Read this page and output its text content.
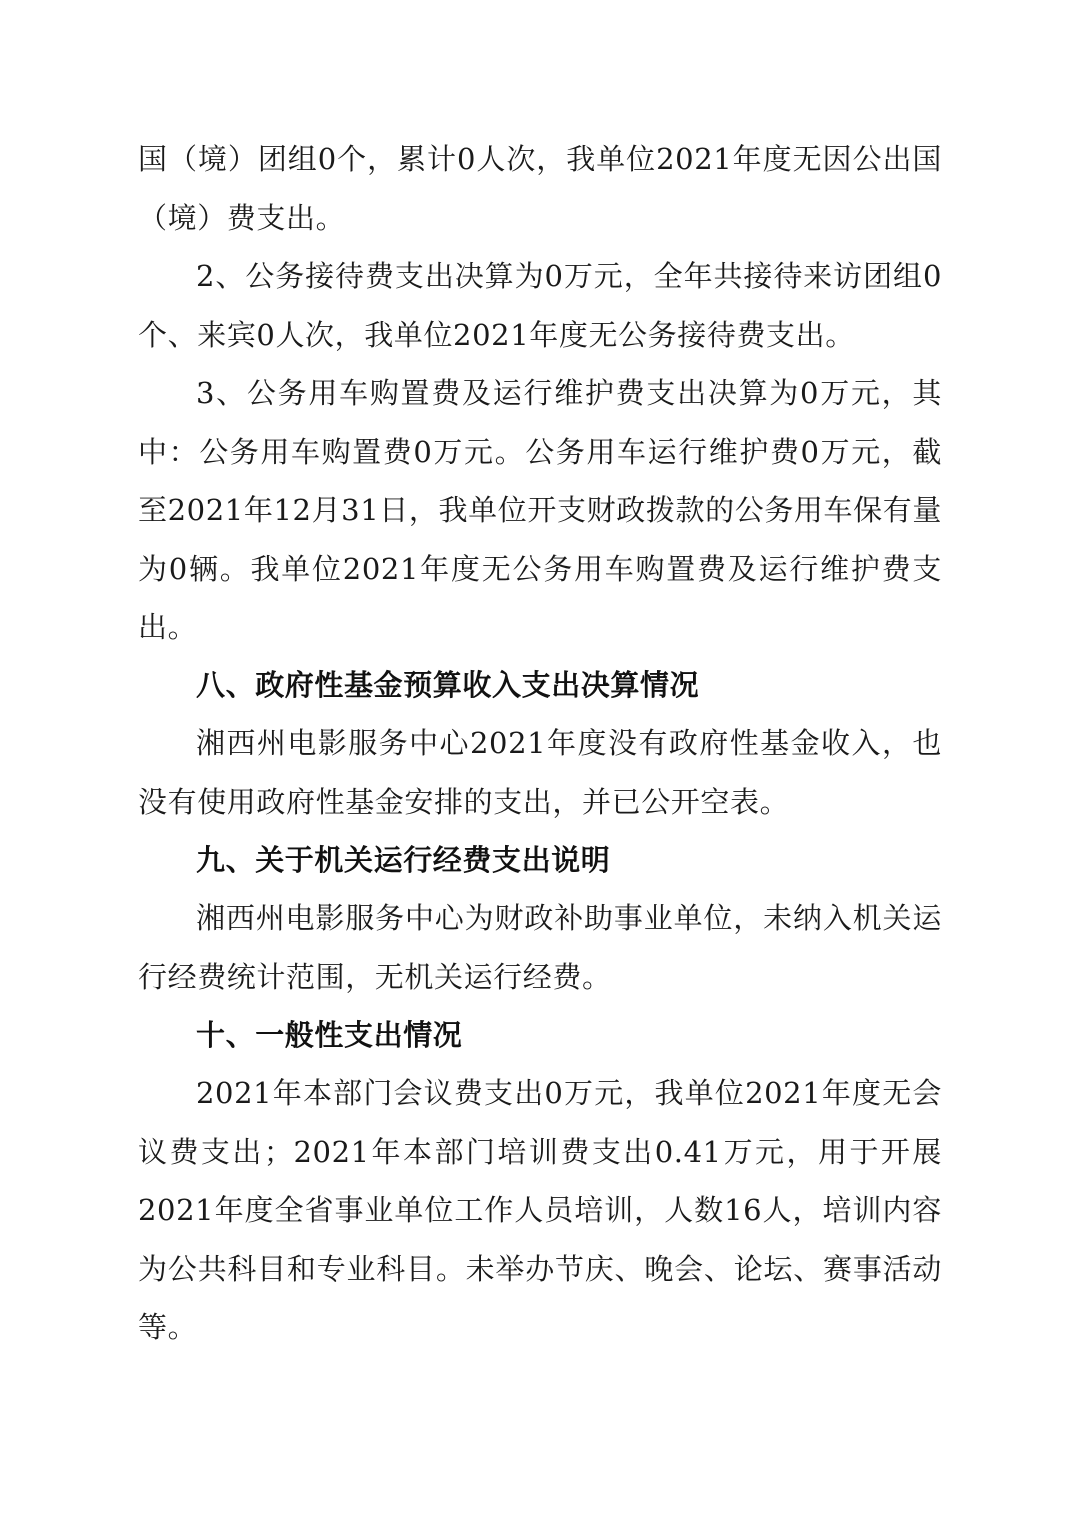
国（境）团组0个，累计0人次，我单位2021年度无因公出国（境）费支出。

2、公务接待费支出决算为0万元，全年共接待来访团组0个、来宾0人次，我单位2021年度无公务接待费支出。

3、公务用车购置费及运行维护费支出决算为0万元，其中：公务用车购置费0万元。公务用车运行维护费0万元，截至2021年12月31日，我单位开支财政拨款的公务用车保有量为0辆。我单位2021年度无公务用车购置费及运行维护费支出。

八、政府性基金预算收入支出决算情况

湘西州电影服务中心2021年度没有政府性基金收入，也没有使用政府性基金安排的支出，并已公开空表。

九、关于机关运行经费支出说明

湘西州电影服务中心为财政补助事业单位，未纳入机关运行经费统计范围，无机关运行经费。

十、一般性支出情况

2021年本部门会议费支出0万元，我单位2021年度无会议费支出；2021年本部门培训费支出0.41万元，用于开展2021年度全省事业单位工作人员培训，人数16人，培训内容为公共科目和专业科目。未举办节庆、晚会、论坛、赛事活动等。
